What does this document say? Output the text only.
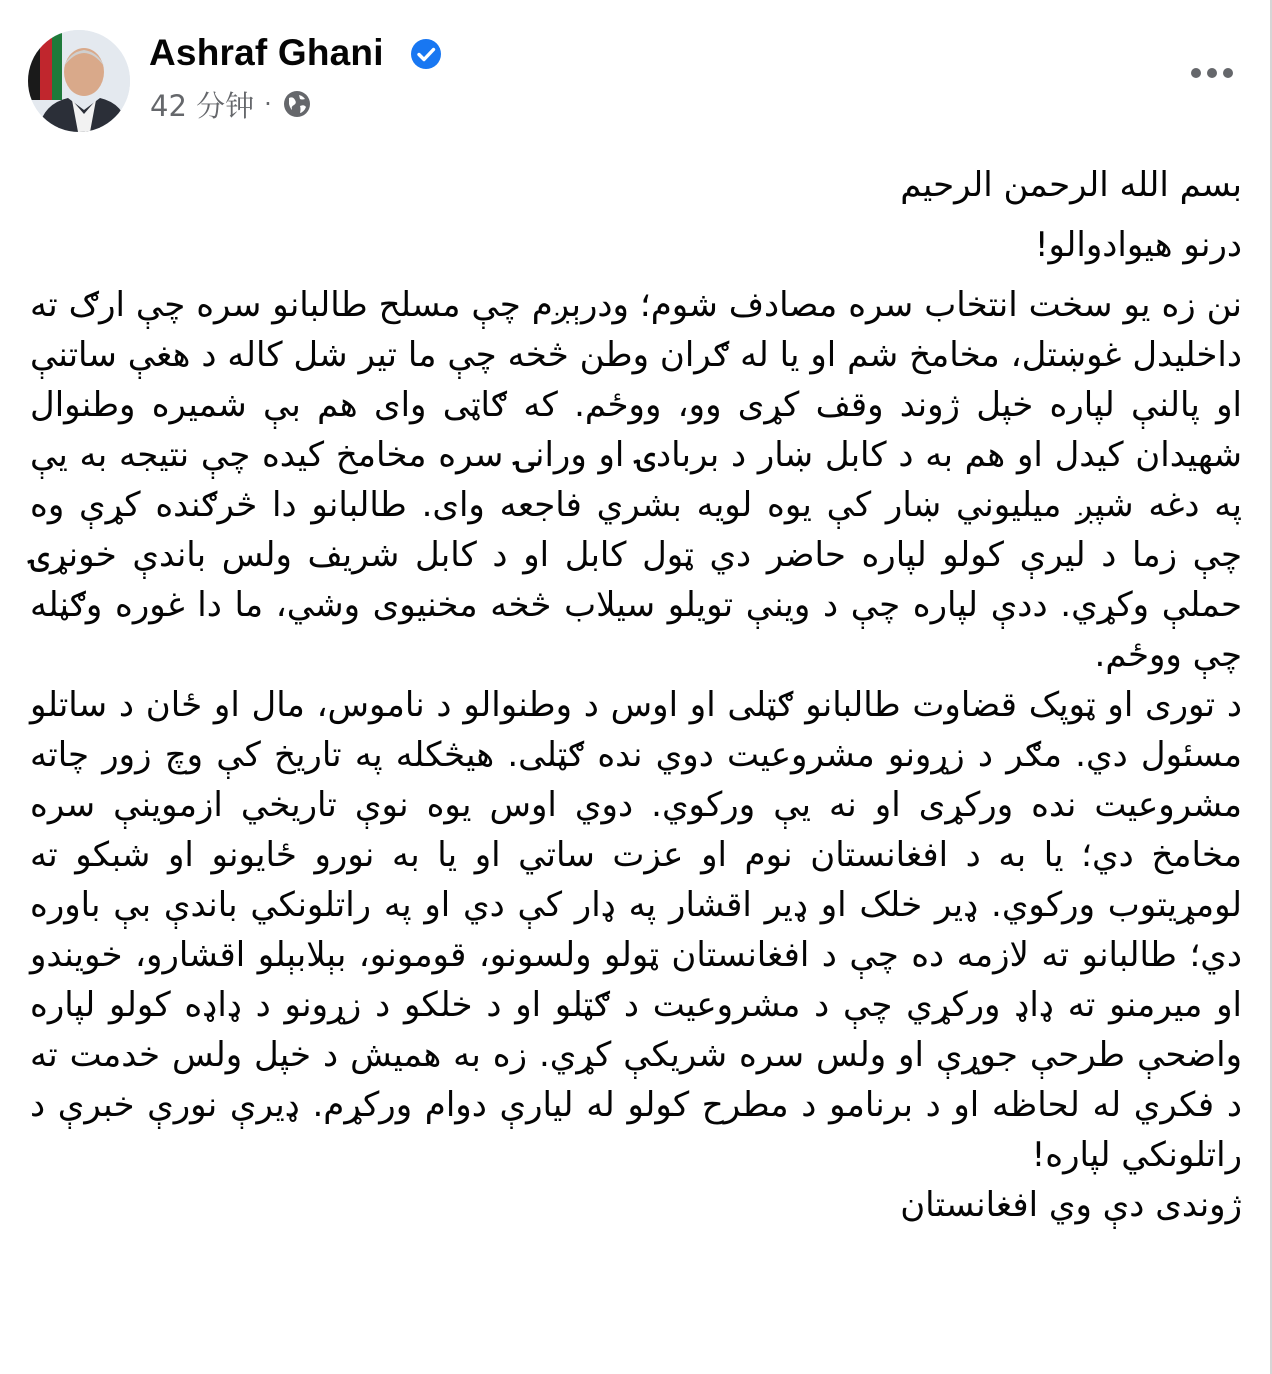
Ashraf Ghani
42 分钟 ·

بسم الله الرحمن الرحيم

درنو هيوادوالو!

نن زه يو سخت انتخاب سره مصادف شوم؛ ودرېږم چې مسلح طالبانو سره چې ارګ ته داخلیدل غوښتل، مخامخ شم او یا له ګران وطن څخه چې ما تیر شل کاله د هغې ساتنې او پالنې لپاره خپل ژوند وقف کړی وو، ووځم. که ګاټی وای هم بې شمیره وطنوال شهیدان کیدل او هم به د کابل ښار د بربادۍ او ورانۍ سره مخامخ کیده چې نتیجه به یې په دغه شپږ میلیوني ښار کې یوه لویه بشري فاجعه وای. طالبانو دا څرګنده کړې وه چې زما د لیرې کولو لپاره حاضر دي ټول کابل او د کابل شریف ولس باندې خونړۍ حملې وکړي. ددې لپاره چې د وینې تویلو سیلاب څخه مخنیوی وشي، ما دا غوره وګڼله چې ووځم.

د توری او ټوپک قضاوت طالبانو ګټلی او اوس د وطنوالو د ناموس، مال او ځان د ساتلو مسئول دي. مګر د زړونو مشروعیت دوي نده ګټلی. هیڅکله په تاریخ کې وچ زور چاته مشروعیت نده ورکړی او نه یې ورکوي. دوي اوس یوه نوې تاریخي ازموینې سره مخامخ دي؛ یا به د افغانستان نوم او عزت ساتي او یا به نورو ځایونو او شبکو ته لومړیتوب ورکوي. ډیر خلک او ډیر اقشار په ډار کې دي او په راتلونکي باندې بې باوره دي؛ طالبانو ته لازمه ده چې د افغانستان ټولو ولسونو، قومونو، بېلابېلو اقشارو، خویندو او میرمنو ته ډاډ ورکړي چې د مشروعیت د ګټلو او د خلکو د زړونو د ډاډه کولو لپاره واضحې طرحې جوړې او ولس سره شریکې کړي. زه به همیش د خپل ولس خدمت ته د فکري له لحاظه او د برنامو د مطرح کولو له لیارې دوام ورکړم. ډیرې نورې خبرې د راتلونکي لپاره!

ژوندی دې وي افغانستان
